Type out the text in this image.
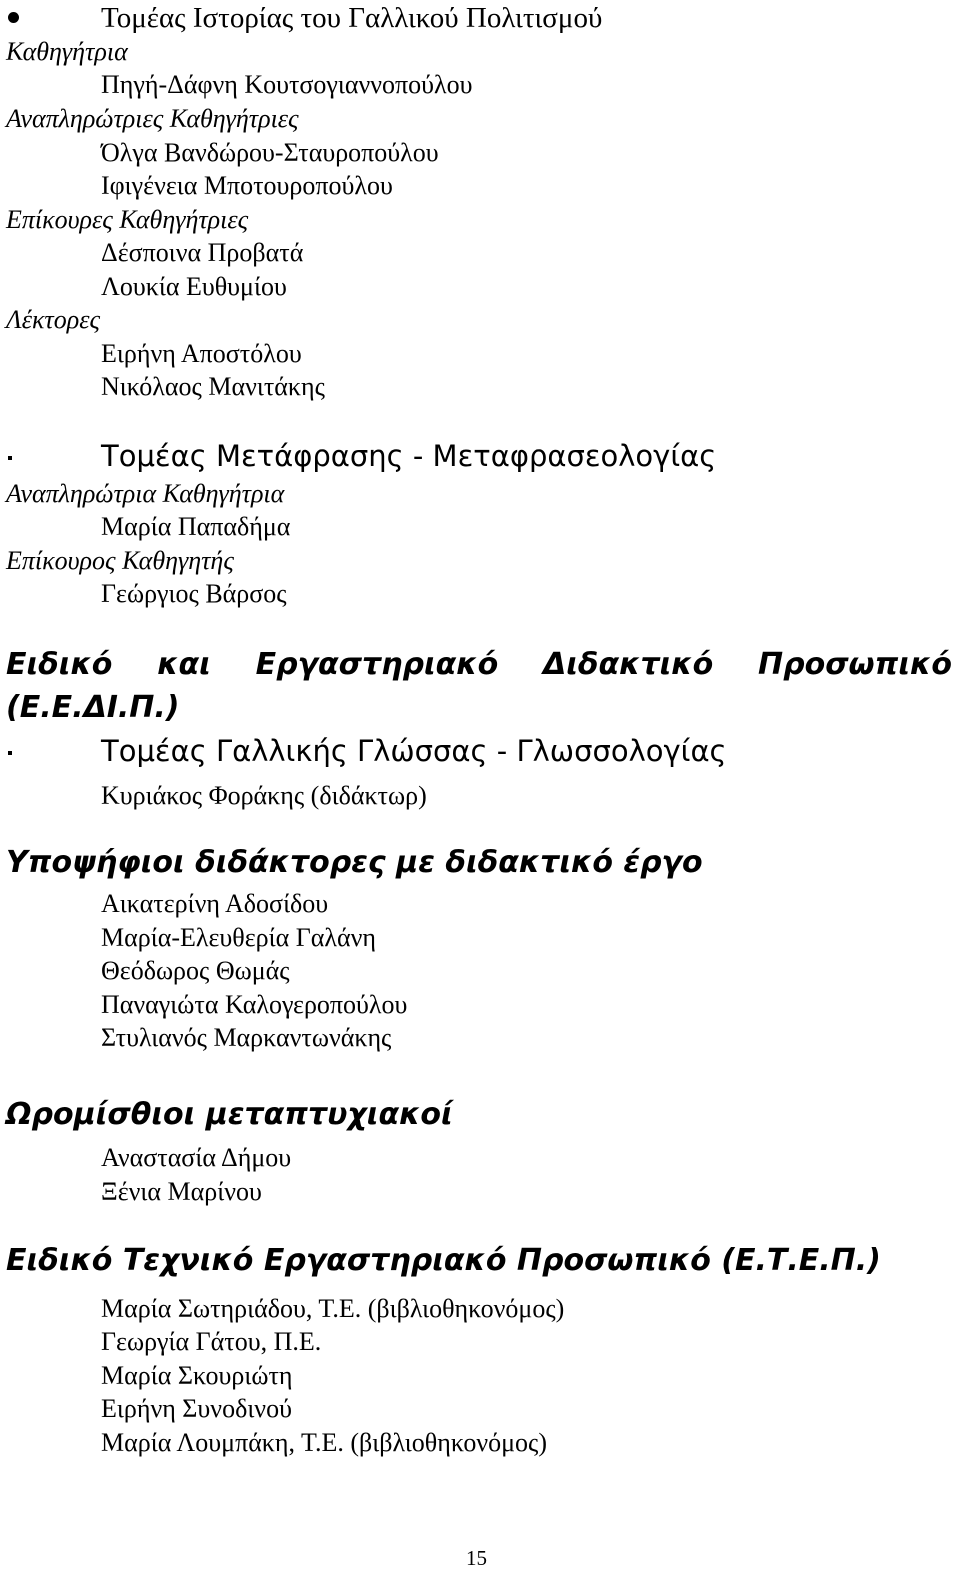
Τομέας Ιστορίας του Γαλλικού Πολιτισμού
Καθηγήτρια
Πηγή-Δάφνη Κουτσογιαννοπούλου
Αναπληρώτριες Καθηγήτριες
Όλγα Βανδώρου-Σταυροπούλου
Ιφιγένεια Μποτουροπούλου
Επίκουρες Καθηγήτριες
Δέσποινα Προβατά
Λουκία Ευθυμίου
Λέκτορες
Ειρήνη Αποστόλου
Νικόλαος Μανιτάκης
Τομέας Μετάφρασης - Μεταφρασεολογίας
Αναπληρώτρια Καθηγήτρια
Μαρία Παπαδήμα
Επίκουρος Καθηγητής
Γεώργιος Βάρσος
Ειδικό και Εργαστηριακό Διδακτικό Προσωπικό
(Ε.Ε.ΔΙ.Π.)
Τομέας Γαλλικής Γλώσσας - Γλωσσολογίας
Κυριάκος Φοράκης (διδάκτωρ)
Υποψήφιοι διδάκτορες με διδακτικό έργο
Αικατερίνη Αδοσίδου
Μαρία-Ελευθερία Γαλάνη
Θεόδωρος Θωμάς
Παναγιώτα Καλογεροπούλου
Στυλιανός Μαρκαντωνάκης
Ωρομίσθιοι μεταπτυχιακοί
Αναστασία Δήμου
Ξένια Μαρίνου
Ειδικό Τεχνικό Εργαστηριακό Προσωπικό (Ε.Τ.Ε.Π.)
Μαρία Σωτηριάδου, Τ.Ε. (βιβλιοθηκονόμος)
Γεωργία Γάτου, Π.Ε.
Μαρία Σκουριώτη
Ειρήνη Συνοδινού
Μαρία Λουμπάκη, Τ.Ε. (βιβλιοθηκονόμος)
15
